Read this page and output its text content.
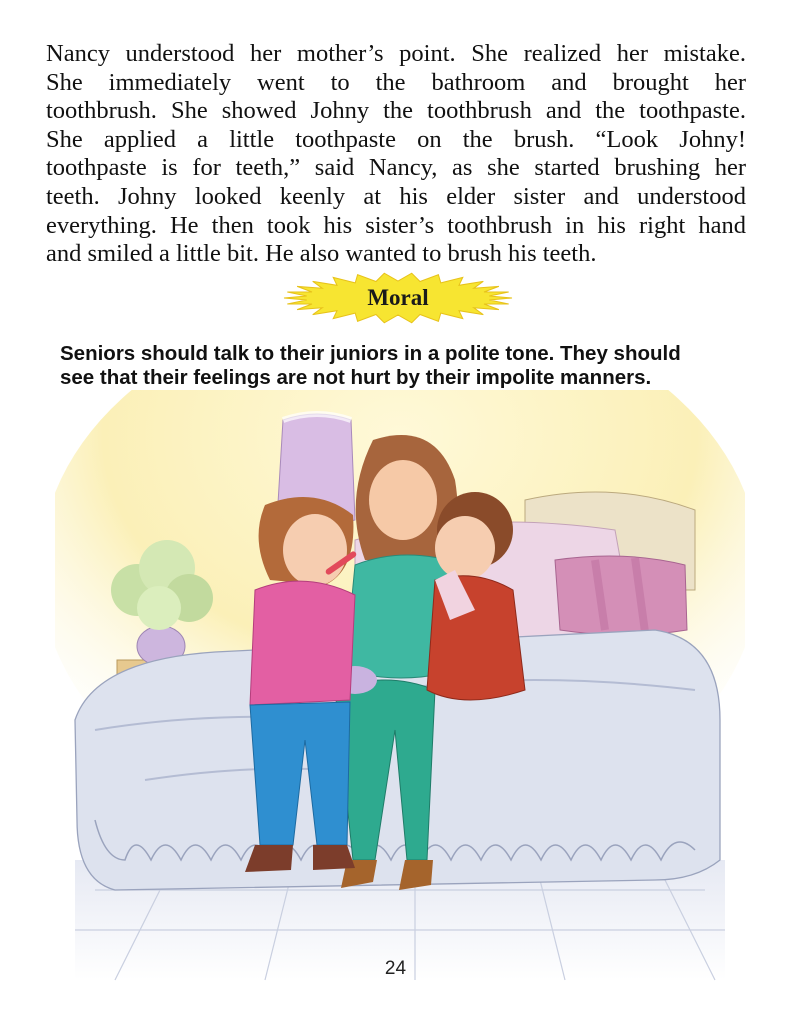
Nancy understood her mother’s point. She realized her mistake.
She immediately went to the bathroom and brought her
toothbrush. She showed Johny the toothbrush and the toothpaste.
She applied a little toothpaste on the brush. “Look Johny!
toothpaste is for teeth,” said Nancy, as she started brushing her
teeth. Johny looked keenly at his elder sister and understood
everything. He then took his sister’s toothbrush in his right hand
and smiled a little bit. He also wanted to brush his teeth.
Moral
Seniors should talk to their juniors in a polite tone. They should
see that their feelings are not hurt by their impolite manners.
24
